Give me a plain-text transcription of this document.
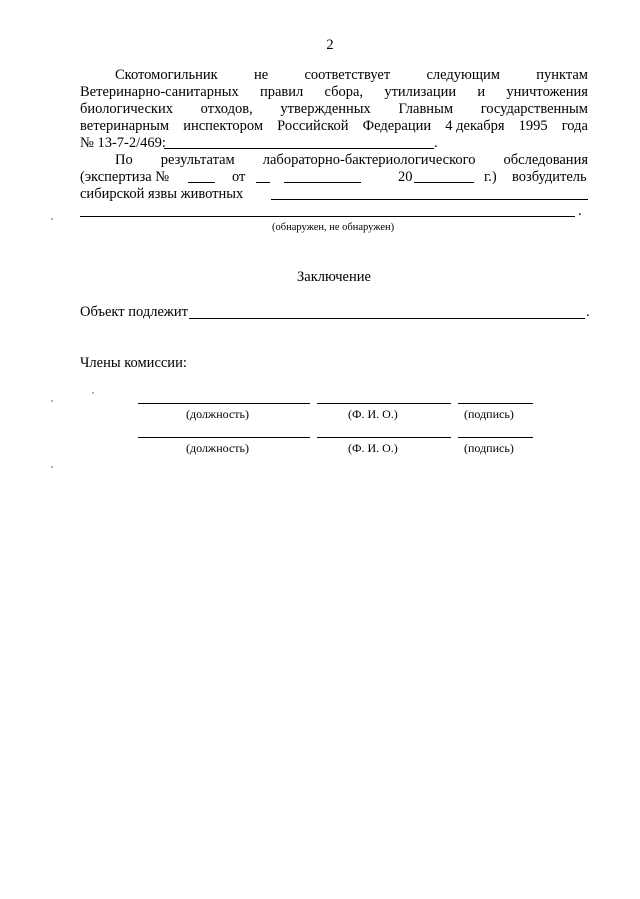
2
Скотомогильник	не	соответствует	следующим	пунктам
Ветеринарно-санитарных правил сбора, утилизации и уничтожения
биологических отходов, утвержденных Главным государственным
ветеринарным инспектором Российской Федерации 4 декабря 1995 года
№ 13-7-2/469:	.
По результатам лабораторно-бактериологического обследования
(экспертиза №	от	20	г.) возбудитель
сибирской язвы животных
.
(обнаружен, не обнаружен)
Заключение
Объект подлежит	.
Члены комиссии:
(должность)	(Ф. И. О.)	(подпись)
(должность)	(Ф. И. О.)	(подпись)
